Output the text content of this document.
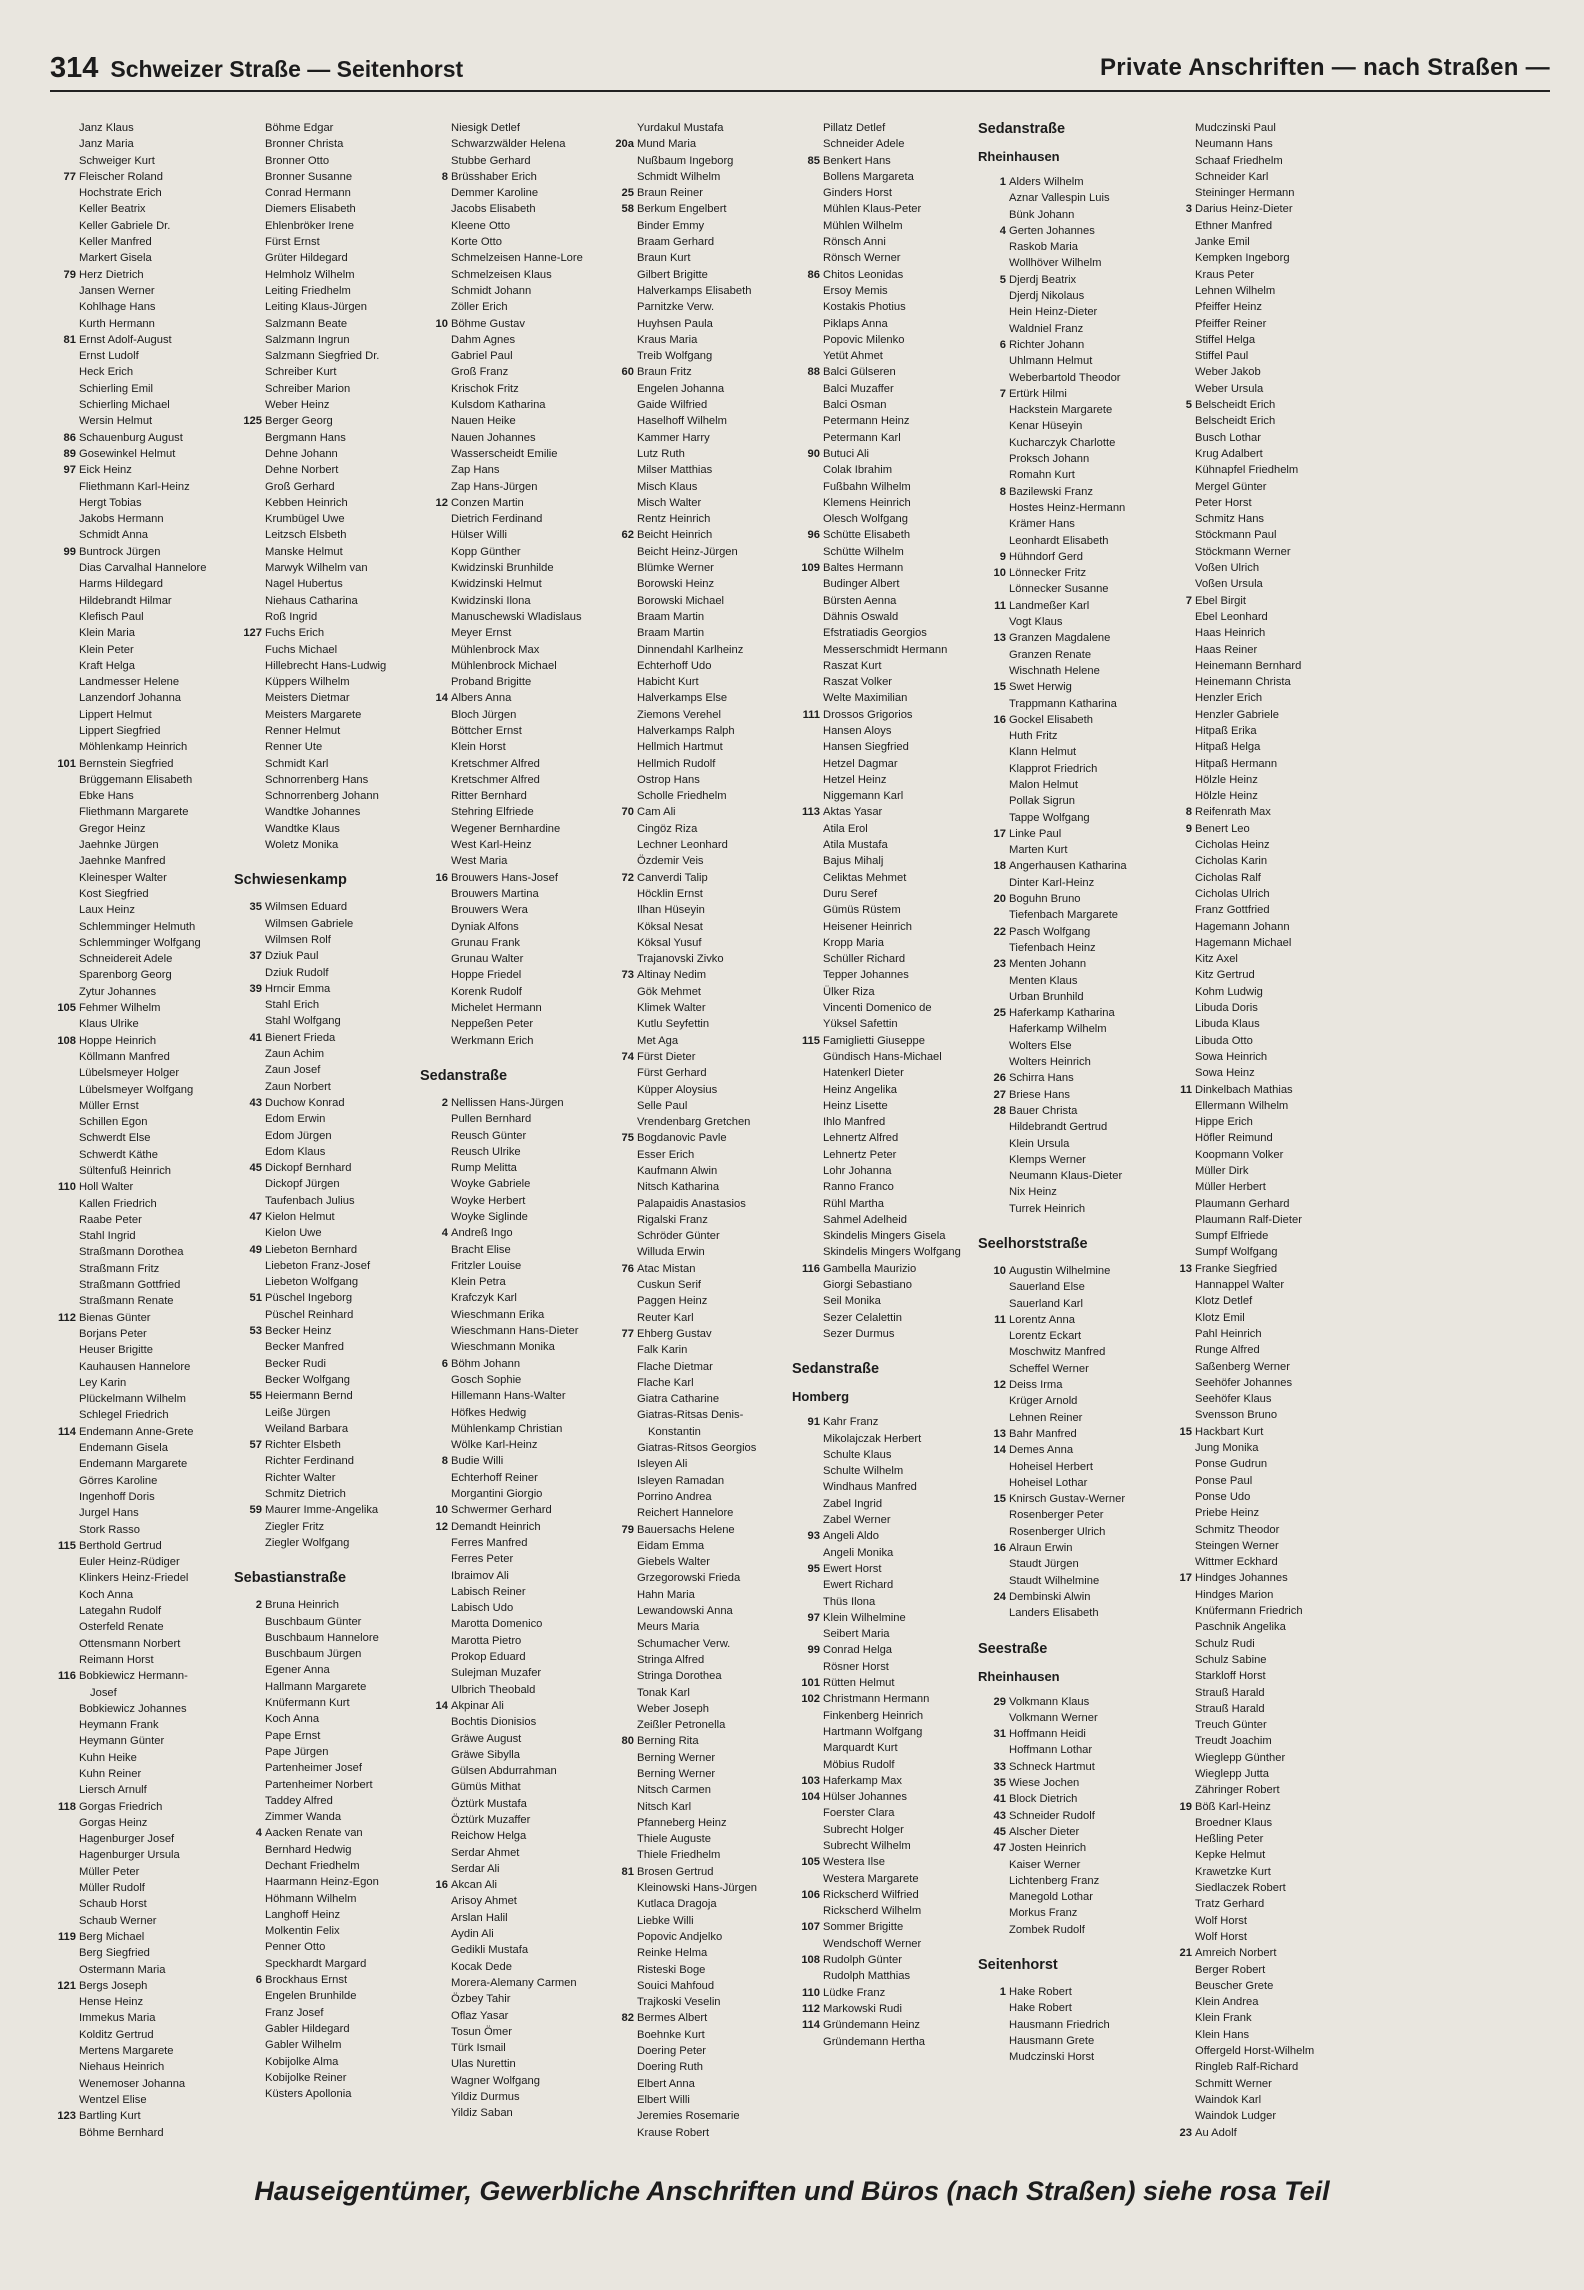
314 Schweizer Straße — Seitenhorst	Private Anschriften — nach Straßen —
Janz Klaus
Janz Maria
Schweiger Kurt
77 Fleischer Roland
Hochstrate Erich
Keller Beatrix
Keller Gabriele Dr.
Keller Manfred
Markert Gisela
79 Herz Dietrich
Jansen Werner
Kohlhage Hans
Kurth Hermann
81 Ernst Adolf-August
Ernst Ludolf
Heck Erich
Schierling Emil
Schierling Michael
Wersin Helmut
86 Schauenburg August
89 Gosewinkel Helmut
97 Eick Heinz
Fliethmann Karl-Heinz
Hergt Tobias
Jakobs Hermann
Schmidt Anna
99 Buntrock Jürgen
Dias Carvalhal Hannelore
Harms Hildegard
Hildebrandt Hilmar
Klefisch Paul
Klein Maria
Klein Peter
Kraft Helga
Landmesser Helene
Lanzendorf Johanna
Lippert Helmut
Lippert Siegfried
Möhlenkamp Heinrich
101 Bernstein Siegfried
Brüggemann Elisabeth
Ebke Hans
Fliethmann Margarete
Gregor Heinz
Jaehnke Jürgen
Jaehnke Manfred
Kleinesper Walter
Kost Siegfried
Laux Heinz
Schlemminger Helmuth
Schlemminger Wolfgang
Schneidereit Adele
Sparenborg Georg
Zytur Johannes
105 Fehmer Wilhelm
Klaus Ulrike
108 Hoppe Heinrich
Köllmann Manfred
Lübelsmeyer Holger
Lübelsmeyer Wolfgang
Müller Ernst
Schillen Egon
Schwerdt Else
Schwerdt Käthe
Sültenfuß Heinrich
110 Holl Walter
Kallen Friedrich
Raabe Peter
Stahl Ingrid
Straßmann Dorothea
Straßmann Fritz
Straßmann Gottfried
Straßmann Renate
112 Bienas Günter
Borjans Peter
Heuser Brigitte
Kauhausen Hannelore
Ley Karin
Plückelmann Wilhelm
Schlegel Friedrich
114 Endemann Anne-Grete
Endemann Gisela
Endemann Margarete
Görres Karoline
Ingenhoff Doris
Jurgel Hans
Stork Rasso
115 Berthold Gertrud
Euler Heinz-Rüdiger
Klinkers Heinz-Friedel
Koch Anna
Lategahn Rudolf
Osterfeld Renate
Ottensmann Norbert
Reimann Horst
116 Bobkiewicz Hermann-
Josef
Bobkiewicz Johannes
Heymann Frank
Heymann Günter
Kuhn Heike
Kuhn Reiner
Liersch Arnulf
118 Gorgas Friedrich
Gorgas Heinz
Hagenburger Josef
Hagenburger Ursula
Müller Peter
Müller Rudolf
Schaub Horst
Schaub Werner
119 Berg Michael
Berg Siegfried
Ostermann Maria
121 Bergs Joseph
Hense Heinz
Immekus Maria
Kolditz Gertrud
Mertens Margarete
Niehaus Heinrich
Wenemoser Johanna
Wentzel Elise
123 Bartling Kurt
Böhme Bernhard
Böhme Edgar
Bronner Christa
Bronner Otto
Bronner Susanne
Conrad Hermann
Diemers Elisabeth
Ehlenbröker Irene
Fürst Ernst
Grüter Hildegard
Helmholz Wilhelm
Leiting Friedhelm
Leiting Klaus-Jürgen
Salzmann Beate
Salzmann Ingrun
Salzmann Siegfried Dr.
Schreiber Kurt
Schreiber Marion
Weber Heinz
125 Berger Georg
Bergmann Hans
Dehne Johann
Dehne Norbert
Groß Gerhard
Kebben Heinrich
Krumbügel Uwe
Leitzsch Elsbeth
Manske Helmut
Marwyk Wilhelm van
Nagel Hubertus
Niehaus Catharina
Roß Ingrid
127 Fuchs Erich
Fuchs Michael
Hillebrecht Hans-Ludwig
Küppers Wilhelm
Meisters Dietmar
Meisters Margarete
Renner Helmut
Renner Ute
Schmidt Karl
Schnorrenberg Hans
Schnorrenberg Johann
Wandtke Johannes
Wandtke Klaus
Woletz Monika
Schwiesenkamp
35 Wilmsen Eduard
Wilmsen Gabriele
Wilmsen Rolf
37 Dziuk Paul
Dziuk Rudolf
39 Hrncir Emma
Stahl Erich
Stahl Wolfgang
41 Bienert Frieda
Zaun Achim
Zaun Josef
Zaun Norbert
43 Duchow Konrad
Edom Erwin
Edom Jürgen
Edom Klaus
45 Dickopf Bernhard
Dickopf Jürgen
Taufenbach Julius
47 Kielon Helmut
Kielon Uwe
49 Liebeton Bernhard
Liebeton Franz-Josef
Liebeton Wolfgang
51 Püschel Ingeborg
Püschel Reinhard
53 Becker Heinz
Becker Manfred
Becker Rudi
Becker Wolfgang
55 Heiermann Bernd
Leiße Jürgen
Weiland Barbara
57 Richter Elsbeth
Richter Ferdinand
Richter Walter
Schmitz Dietrich
59 Maurer Imme-Angelika
Ziegler Fritz
Ziegler Wolfgang
Sebastianstraße
2 Bruna Heinrich
Buschbaum Günter
Buschbaum Hannelore
Buschbaum Jürgen
Egener Anna
Hallmann Margarete
Knüfermann Kurt
Koch Anna
Pape Ernst
Pape Jürgen
Partenheimer Josef
Partenheimer Norbert
Taddey Alfred
Zimmer Wanda
4 Aacken Renate van
Bernhard Hedwig
Dechant Friedhelm
Haarmann Heinz-Egon
Höhmann Wilhelm
Langhoff Heinz
Molkentin Felix
Penner Otto
Speckhardt Margard
6 Brockhaus Ernst
Engelen Brunhilde
Franz Josef
Gabler Hildegard
Gabler Wilhelm
Kobijolke Alma
Kobijolke Reiner
Küsters Apollonia
Niesigk Detlef
Schwarzwälder Helena
Stubbe Gerhard
8 Brüsshaber Erich
Demmer Karoline
Jacobs Elisabeth
Kleene Otto
Korte Otto
Schmelzeisen Hanne-Lore
Schmelzeisen Klaus
Schmidt Johann
Zöller Erich
10 Böhme Gustav
Dahm Agnes
Gabriel Paul
Groß Franz
Krischok Fritz
Kulsdom Katharina
Nauen Heike
Nauen Johannes
Wasserscheidt Emilie
Zap Hans
Zap Hans-Jürgen
12 Conzen Martin
Dietrich Ferdinand
Hülser Willi
Kopp Günther
Kwidzinski Brunhilde
Kwidzinski Helmut
Kwidzinski Ilona
Manuschewski Wladislaus
Meyer Ernst
Mühlenbrock Max
Mühlenbrock Michael
Proband Brigitte
14 Albers Anna
Bloch Jürgen
Böttcher Ernst
Klein Horst
Kretschmer Alfred
Kretschmer Alfred
Ritter Bernhard
Stehring Elfriede
Wegener Bernhardine
West Karl-Heinz
West Maria
16 Brouwers Hans-Josef
Brouwers Martina
Brouwers Wera
Dyniak Alfons
Grunau Frank
Grunau Walter
Hoppe Friedel
Korenk Rudolf
Michelet Hermann
Neppeßen Peter
Werkmann Erich
Sedanstraße
2 Nellissen Hans-Jürgen
Pullen Bernhard
Reusch Günter
Reusch Ulrike
Rump Melitta
Woyke Gabriele
Woyke Herbert
Woyke Siglinde
4 Andreß Ingo
Bracht Elise
Fritzler Louise
Klein Petra
Krafczyk Karl
Wieschmann Erika
Wieschmann Hans-Dieter
Wieschmann Monika
6 Böhm Johann
Gosch Sophie
Hillemann Hans-Walter
Höfkes Hedwig
Mühlenkamp Christian
Wölke Karl-Heinz
8 Budie Willi
Echterhoff Reiner
Morgantini Giorgio
10 Schwermer Gerhard
12 Demandt Heinrich
Ferres Manfred
Ferres Peter
Ibraimov Ali
Labisch Reiner
Labisch Udo
Marotta Domenico
Marotta Pietro
Prokop Eduard
Sulejman Muzafer
Ulbrich Theobald
14 Akpinar Ali
Bochtis Dionisios
Gräwe August
Gräwe Sibylla
Gülsen Abdurrahman
Gümüs Mithat
Öztürk Mustafa
Öztürk Muzaffer
Reichow Helga
Serdar Ahmet
Serdar Ali
16 Akcan Ali
Arisoy Ahmet
Arslan Halil
Aydin Ali
Gedikli Mustafa
Kocak Dede
Morera-Alemany Carmen
Özbey Tahir
Oflaz Yasar
Tosun Ömer
Türk Ismail
Ulas Nurettin
Wagner Wolfgang
Yildiz Durmus
Yildiz Saban
Yurdakul Mustafa
20a Mund Maria
Nußbaum Ingeborg
Schmidt Wilhelm
25 Braun Reiner
58 Berkum Engelbert
Binder Emmy
Braam Gerhard
Braun Kurt
Gilbert Brigitte
Halverkamps Elisabeth
Parnitzke Verw.
Huyhsen Paula
Kraus Maria
Treib Wolfgang
60 Braun Fritz
Engelen Johanna
Gaide Wilfried
Haselhoff Wilhelm
Kammer Harry
Lutz Ruth
Milser Matthias
Misch Klaus
Misch Walter
Rentz Heinrich
62 Beicht Heinrich
Beicht Heinz-Jürgen
Blümke Werner
Borowski Heinz
Borowski Michael
Braam Martin
Braam Martin
Dinnendahl Karlheinz
Echterhoff Udo
Habicht Kurt
Halverkamps Else
Ziemons Verehel
Halverkamps Ralph
Hellmich Hartmut
Hellmich Rudolf
Ostrop Hans
Scholle Friedhelm
70 Cam Ali
Cingöz Riza
Lechner Leonhard
Özdemir Veis
72 Canverdi Talip
Höcklin Ernst
Ilhan Hüseyin
Köksal Nesat
Köksal Yusuf
Trajanovski Zivko
73 Altinay Nedim
Gök Mehmet
Klimek Walter
Kutlu Seyfettin
Met Aga
74 Fürst Dieter
Fürst Gerhard
Küpper Aloysius
Selle Paul
Vrendenbarg Gretchen
75 Bogdanovic Pavle
Esser Erich
Kaufmann Alwin
Nitsch Katharina
Palapaidis Anastasios
Rigalski Franz
Schröder Günter
Willuda Erwin
76 Atac Mistan
Cuskun Serif
Paggen Heinz
Reuter Karl
77 Ehberg Gustav
Falk Karin
Flache Dietmar
Flache Karl
Giatra Catharine
Giatras-Ritsas Denis-
Konstantin
Giatras-Ritsos Georgios
Isleyen Ali
Isleyen Ramadan
Porrino Andrea
Reichert Hannelore
79 Bauersachs Helene
Eidam Emma
Giebels Walter
Grzegorowski Frieda
Hahn Maria
Lewandowski Anna
Meurs Maria
Schumacher Verw.
Stringa Alfred
Stringa Dorothea
Tonak Karl
Weber Joseph
Zeißler Petronella
80 Berning Rita
Berning Werner
Berning Werner
Nitsch Carmen
Nitsch Karl
Pfanneberg Heinz
Thiele Auguste
Thiele Friedhelm
81 Brosen Gertrud
Kleinowski Hans-Jürgen
Kutlaca Dragoja
Liebke Willi
Popovic Andjelko
Reinke Helma
Risteski Boge
Souici Mahfoud
Trajkoski Veselin
82 Bermes Albert
Boehnke Kurt
Doering Peter
Doering Ruth
Elbert Anna
Elbert Willi
Jeremies Rosemarie
Krause Robert
Pillatz Detlef
Schneider Adele
85 Benkert Hans
Bollens Margareta
Ginders Horst
Mühlen Klaus-Peter
Mühlen Wilhelm
Rönsch Anni
Rönsch Werner
86 Chitos Leonidas
Ersoy Memis
Kostakis Photius
Piklaps Anna
Popovic Milenko
Yetüt Ahmet
88 Balci Gülseren
Balci Muzaffer
Balci Osman
Petermann Heinz
Petermann Karl
90 Butuci Ali
Colak Ibrahim
Fußbahn Wilhelm
Klemens Heinrich
Olesch Wolfgang
96 Schütte Elisabeth
Schütte Wilhelm
109 Baltes Hermann
Budinger Albert
Bürsten Aenna
Dähnis Oswald
Efstratiadis Georgios
Messerschmidt Hermann
Raszat Kurt
Raszat Volker
Welte Maximilian
111 Drossos Grigorios
Hansen Aloys
Hansen Siegfried
Hetzel Dagmar
Hetzel Heinz
Niggemann Karl
113 Aktas Yasar
Atila Erol
Atila Mustafa
Bajus Mihalj
Celiktas Mehmet
Duru Seref
Gümüs Rüstem
Heisener Heinrich
Kropp Maria
Schüller Richard
Tepper Johannes
Ülker Riza
Vincenti Domenico de
Yüksel Safettin
115 Famiglietti Giuseppe
Gündisch Hans-Michael
Hatenkerl Dieter
Heinz Angelika
Heinz Lisette
Ihlo Manfred
Lehnertz Alfred
Lehnertz Peter
Lohr Johanna
Ranno Franco
Rühl Martha
Sahmel Adelheid
Skindelis Mingers Gisela
Skindelis Mingers Wolfgang
116 Gambella Maurizio
Giorgi Sebastiano
Seil Monika
Sezer Celalettin
Sezer Durmus
Sedanstraße
Homberg
91 Kahr Franz
Mikolajczak Herbert
Schulte Klaus
Schulte Wilhelm
Windhaus Manfred
Zabel Ingrid
Zabel Werner
93 Angeli Aldo
Angeli Monika
95 Ewert Horst
Ewert Richard
Thüs Ilona
97 Klein Wilhelmine
Seibert Maria
99 Conrad Helga
Rösner Horst
101 Rütten Helmut
102 Christmann Hermann
Finkenberg Heinrich
Hartmann Wolfgang
Marquardt Kurt
Möbius Rudolf
103 Haferkamp Max
104 Hülser Johannes
Foerster Clara
Subrecht Holger
Subrecht Wilhelm
105 Westera Ilse
Westera Margarete
106 Rickscherd Wilfried
Rickscherd Wilhelm
107 Sommer Brigitte
Wendschoff Werner
108 Rudolph Günter
Rudolph Matthias
110 Lüdke Franz
112 Markowski Rudi
114 Gründemann Heinz
Gründemann Hertha
Sedanstraße
Rheinhausen
1 Alders Wilhelm
Aznar Vallespin Luis
Bünk Johann
4 Gerten Johannes
Raskob Maria
Wollhöver Wilhelm
5 Djerdj Beatrix
Djerdj Nikolaus
Hein Heinz-Dieter
Waldniel Franz
6 Richter Johann
Uhlmann Helmut
Weberbartold Theodor
7 Ertürk Hilmi
Hackstein Margarete
Kenar Hüseyin
Kucharczyk Charlotte
Proksch Johann
Romahn Kurt
8 Bazilewski Franz
Hostes Heinz-Hermann
Krämer Hans
Leonhardt Elisabeth
9 Hühndorf Gerd
10 Lönnecker Fritz
Lönnecker Susanne
11 Landmeßer Karl
Vogt Klaus
13 Granzen Magdalene
Granzen Renate
Wischnath Helene
15 Swet Herwig
Trappmann Katharina
16 Gockel Elisabeth
Huth Fritz
Klann Helmut
Klapprot Friedrich
Malon Helmut
Pollak Sigrun
Tappe Wolfgang
17 Linke Paul
Marten Kurt
18 Angerhausen Katharina
Dinter Karl-Heinz
20 Boguhn Bruno
Tiefenbach Margarete
22 Pasch Wolfgang
Tiefenbach Heinz
23 Menten Johann
Menten Klaus
Urban Brunhild
25 Haferkamp Katharina
Haferkamp Wilhelm
Wolters Else
Wolters Heinrich
26 Schirra Hans
27 Briese Hans
28 Bauer Christa
Hildebrandt Gertrud
Klein Ursula
Klemps Werner
Neumann Klaus-Dieter
Nix Heinz
Turrek Heinrich
Seelhorststraße
10 Augustin Wilhelmine
Sauerland Else
Sauerland Karl
11 Lorentz Anna
Lorentz Eckart
Moschwitz Manfred
Scheffel Werner
12 Deiss Irma
Krüger Arnold
Lehnen Reiner
13 Bahr Manfred
14 Demes Anna
Hoheisel Herbert
Hoheisel Lothar
15 Knirsch Gustav-Werner
Rosenberger Peter
Rosenberger Ulrich
16 Alraun Erwin
Staudt Jürgen
Staudt Wilhelmine
24 Dembinski Alwin
Landers Elisabeth
Seestraße
Rheinhausen
29 Volkmann Klaus
Volkmann Werner
31 Hoffmann Heidi
Hoffmann Lothar
33 Schneck Hartmut
35 Wiese Jochen
41 Block Dietrich
43 Schneider Rudolf
45 Alscher Dieter
47 Josten Heinrich
Kaiser Werner
Lichtenberg Franz
Manegold Lothar
Morkus Franz
Zombek Rudolf
Seitenhorst
1 Hake Robert
Hake Robert
Hausmann Friedrich
Hausmann Grete
Mudczinski Horst
Mudczinski Paul
Neumann Hans
Schaaf Friedhelm
Schneider Karl
Steininger Hermann
3 Darius Heinz-Dieter
Ethner Manfred
Janke Emil
Kempken Ingeborg
Kraus Peter
Lehnen Wilhelm
Pfeiffer Heinz
Pfeiffer Reiner
Stiffel Helga
Stiffel Paul
Weber Jakob
Weber Ursula
5 Belscheidt Erich
Belscheidt Erich
Busch Lothar
Krug Adalbert
Kühnapfel Friedhelm
Mergel Günter
Peter Horst
Schmitz Hans
Stöckmann Paul
Stöckmann Werner
Voßen Ulrich
Voßen Ursula
7 Ebel Birgit
Ebel Leonhard
Haas Heinrich
Haas Reiner
Heinemann Bernhard
Heinemann Christa
Henzler Erich
Henzler Gabriele
Hitpaß Erika
Hitpaß Helga
Hitpaß Hermann
Hölzle Heinz
Hölzle Heinz
8 Reifenrath Max
9 Benert Leo
Cicholas Heinz
Cicholas Karin
Cicholas Ralf
Cicholas Ulrich
Franz Gottfried
Hagemann Johann
Hagemann Michael
Kitz Axel
Kitz Gertrud
Kohm Ludwig
Libuda Doris
Libuda Klaus
Libuda Otto
Sowa Heinrich
Sowa Heinz
11 Dinkelbach Mathias
Ellermann Wilhelm
Hippe Erich
Höfler Reimund
Koopmann Volker
Müller Dirk
Müller Herbert
Plaumann Gerhard
Plaumann Ralf-Dieter
Sumpf Elfriede
Sumpf Wolfgang
13 Franke Siegfried
Hannappel Walter
Klotz Detlef
Klotz Emil
Pahl Heinrich
Runge Alfred
Saßenberg Werner
Seehöfer Johannes
Seehöfer Klaus
Svensson Bruno
15 Hackbart Kurt
Jung Monika
Ponse Gudrun
Ponse Paul
Ponse Udo
Priebe Heinz
Schmitz Theodor
Steingen Werner
Wittmer Eckhard
17 Hindges Johannes
Hindges Marion
Knüfermann Friedrich
Paschnik Angelika
Schulz Rudi
Schulz Sabine
Starkloff Horst
Strauß Harald
Strauß Harald
Treuch Günter
Treudt Joachim
Wieglepp Günther
Wieglepp Jutta
Zähringer Robert
19 Böß Karl-Heinz
Broedner Klaus
Heßling Peter
Kepke Helmut
Krawetzke Kurt
Siedlaczek Robert
Tratz Gerhard
Wolf Horst
Wolf Horst
21 Amreich Norbert
Berger Robert
Beuscher Grete
Klein Andrea
Klein Frank
Klein Hans
Offergeld Horst-Wilhelm
Ringleb Ralf-Richard
Schmitt Werner
Waindok Karl
Waindok Ludger
23 Au Adolf
Hauseigentümer, Gewerbliche Anschriften und Büros (nach Straßen) siehe rosa Teil
